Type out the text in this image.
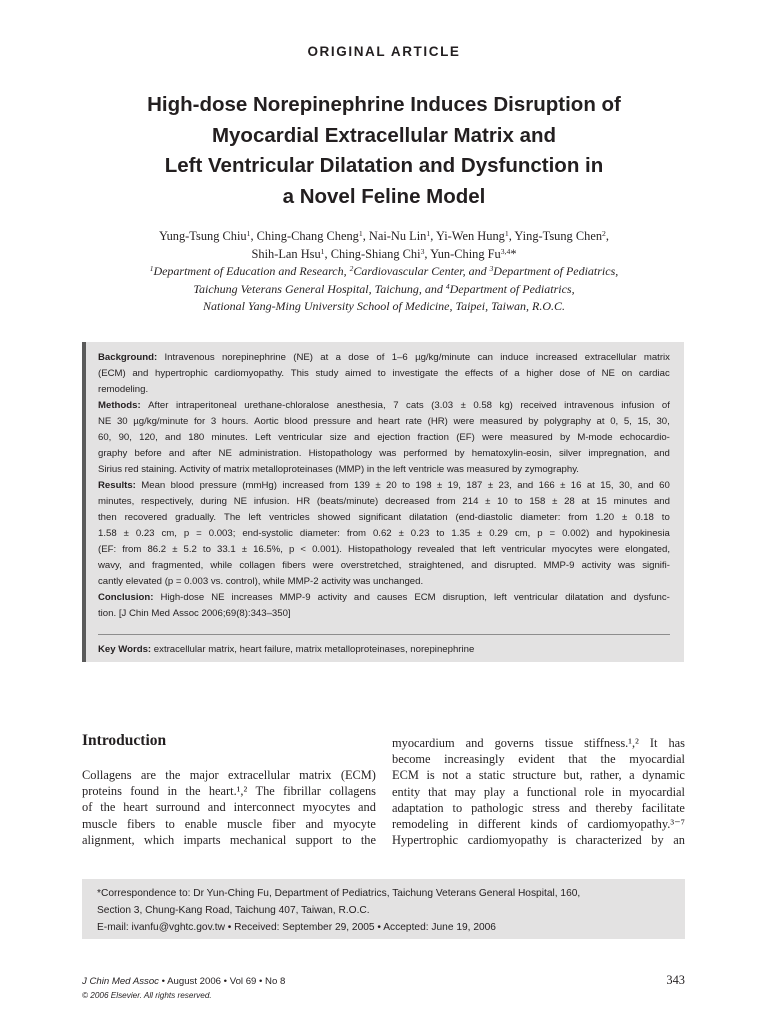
ORIGINAL ARTICLE
High-dose Norepinephrine Induces Disruption of
Myocardial Extracellular Matrix and
Left Ventricular Dilatation and Dysfunction in
a Novel Feline Model
Yung-Tsung Chiu$^1$, Ching-Chang Cheng$^1$, Nai-Nu Lin$^1$, Yi-Wen Hung$^1$, Ying-Tsung Chen$^2$,
Shih-Lan Hsu$^1$, Ching-Shiang Chi$^3$, Yun-Ching Fu$^{3,4}$*
$^1$Department of Education and Research, $^2$Cardiovascular Center, and $^3$Department of Pediatrics,
Taichung Veterans General Hospital, Taichung, and $^4$Department of Pediatrics,
National Yang-Ming University School of Medicine, Taipei, Taiwan, R.O.C.
Background: Intravenous norepinephrine (NE) at a dose of 1–6 µg/kg/minute can induce increased extracellular matrix
(ECM) and hypertrophic cardiomyopathy. This study aimed to investigate the effects of a higher dose of NE on cardiac
remodeling.
Methods: After intraperitoneal urethane-chloralose anesthesia, 7 cats (3.03 ± 0.58 kg) received intravenous infusion of
NE 30 µg/kg/minute for 3 hours. Aortic blood pressure and heart rate (HR) were measured by polygraphy at 0, 5, 15, 30,
60, 90, 120, and 180 minutes. Left ventricular size and ejection fraction (EF) were measured by M-mode echocardio-
graphy before and after NE administration. Histopathology was performed by hematoxylin-eosin, silver impregnation, and
Sirius
red
staining.
Activity
of
matrix
metalloproteinases
(MMP)
in
the
left
ventricle
was
measured
by
zymography.
Results: Mean blood pressure (mmHg) increased from 139 ± 20 to 198 ± 19, 187 ± 23, and 166 ± 16 at 15, 30, and 60
minutes, respectively, during NE infusion. HR (beats/minute) decreased from 214 ± 10 to 158 ± 28 at 15 minutes and
then recovered gradually. The left ventricles showed significant dilatation (end-diastolic diameter: from 1.20 ± 0.18 to
1.58 ± 0.23 cm, p = 0.003; end-systolic diameter: from 0.62 ± 0.23 to 1.35 ± 0.29 cm, p = 0.002) and hypokinesia
(EF: from 86.2 ± 5.2 to 33.1 ± 16.5%, p < 0.001). Histopathology revealed that left ventricular myocytes were elongated,
wavy, and fragmented, while collagen fibers were overstretched, straightened, and disrupted. MMP-9 activity was signifi-
cantly
elevated
(p
=
0.003
vs.
control),
while
MMP-2
activity
was
unchanged.
Conclusion: High-dose NE increases MMP-9 activity and causes ECM disruption, left ventricular dilatation and dysfunc-
tion.
[J
Chin
Med
Assoc
2006;69(8):343–350]
Key Words: extracellular matrix, heart failure, matrix metalloproteinases, norepinephrine
Introduction
Collagens are the major extracellular matrix (ECM)
proteins found in the heart.¹,² The fibrillar collagens
of the heart surround and interconnect myocytes and
muscle fibers to enable muscle fiber and myocyte
alignment, which imparts mechanical support to the
myocardium and governs tissue stiffness.¹,² It has
become increasingly evident that the myocardial
ECM is not a static structure but, rather, a dynamic
entity that may play a functional role in myocardial
adaptation to pathologic stress and thereby facilitate
remodeling in different kinds of cardiomyopathy.³⁻⁷
Hypertrophic cardiomyopathy is characterized by an
*Correspondence to: Dr Yun-Ching Fu, Department of Pediatrics, Taichung Veterans General Hospital, 160,
Section 3, Chung-Kang Road, Taichung 407, Taiwan, R.O.C.
E-mail: ivanfu@vghtc.gov.tw • Received: September 29, 2005 • Accepted: June 19, 2006
J Chin Med Assoc • August 2006 • Vol 69 • No 8	343
© 2006 Elsevier. All rights reserved.
